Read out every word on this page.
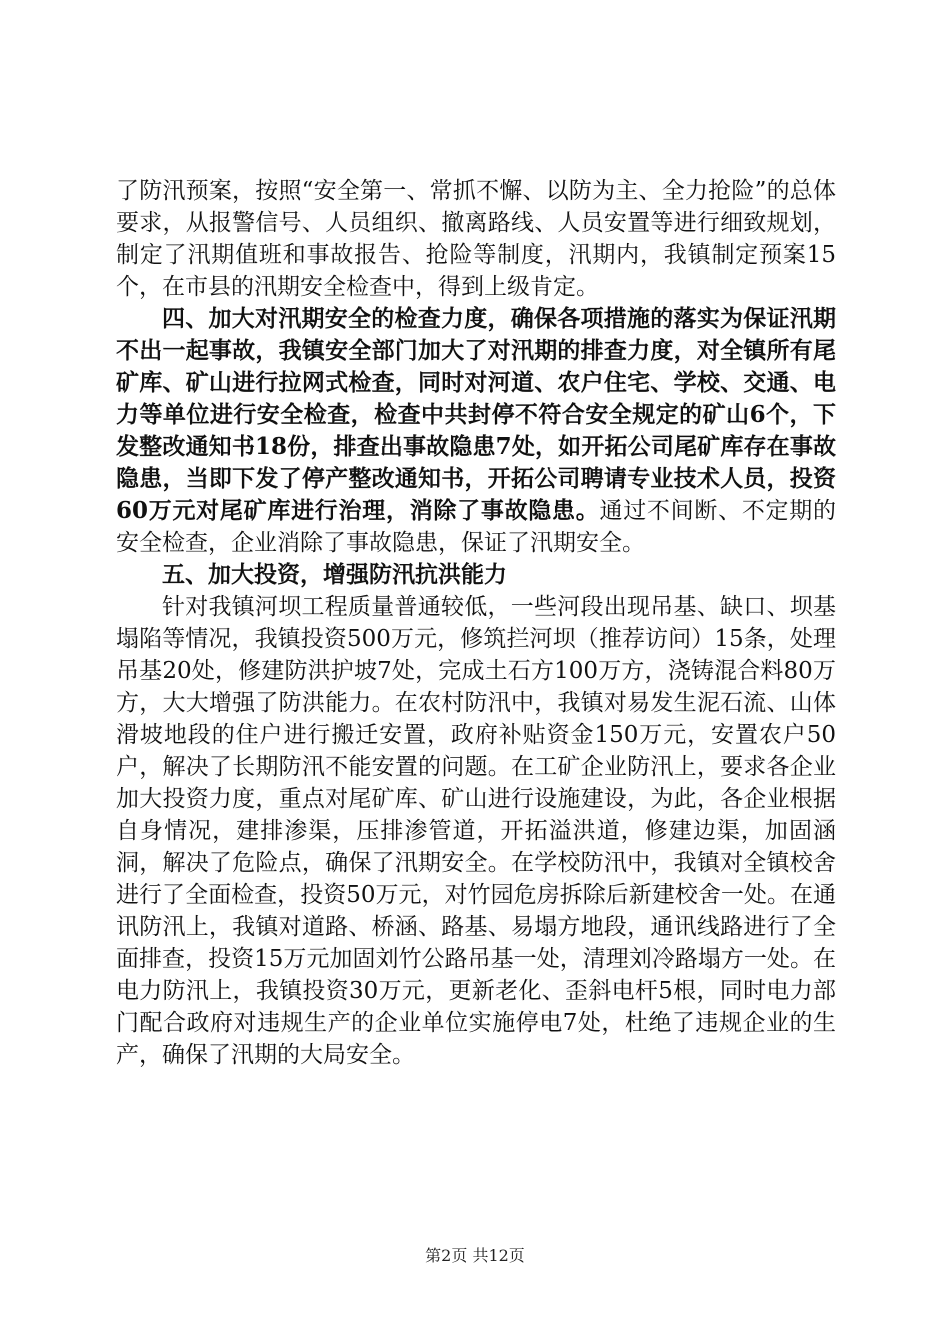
了防汛预案，按照“安全第一、常抓不懈、以防为主、全力抢险”的总体要求，从报警信号、人员组织、撤离路线、人员安置等进行细致规划，制定了汛期值班和事故报告、抢险等制度，汛期内，我镇制定预案15个，在市县的汛期安全检查中，得到上级肯定。

四、加大对汛期安全的检查力度，确保各项措施的落实为保证汛期不出一起事故，我镇安全部门加大了对汛期的排查力度，对全镇所有尾矿库、矿山进行拉网式检查，同时对河道、农户住宅、学校、交通、电力等单位进行安全检查，检查中共封停不符合安全规定的矿山6个，下发整改通知书18份，排查出事故隐患7处，如开拓公司尾矿库存在事故隐患，当即下发了停产整改通知书，开拓公司聘请专业技术人员，投资60万元对尾矿库进行治理，消除了事故隐患。通过不间断、不定期的安全检查，企业消除了事故隐患，保证了汛期安全。

五、加大投资，增强防汛抗洪能力

针对我镇河坝工程质量普通较低，一些河段出现吊基、缺口、坝基塌陷等情况，我镇投资500万元，修筑拦河坝（推荐访问）15条，处理吊基20处，修建防洪护坡7处，完成土石方100万方，浇铸混合料80万方，大大增强了防洪能力。在农村防汛中，我镇对易发生泥石流、山体滑坡地段的住户进行搬迁安置，政府补贴资金150万元，安置农户50户，解决了长期防汛不能安置的问题。在工矿企业防汛上，要求各企业加大投资力度，重点对尾矿库、矿山进行设施建设，为此，各企业根据自身情况，建排渗渠，压排渗管道，开拓溢洪道，修建边渠，加固涵洞，解决了危险点，确保了汛期安全。在学校防汛中，我镇对全镇校舍进行了全面检查，投资50万元，对竹园危房拆除后新建校舍一处。在通讯防汛上，我镇对道路、桥涵、路基、易塌方地段，通讯线路进行了全面排查，投资15万元加固刘竹公路吊基一处，清理刘冷路塌方一处。在电力防汛上，我镇投资30万元，更新老化、歪斜电杆5根，同时电力部门配合政府对违规生产的企业单位实施停电7处，杜绝了违规企业的生产，确保了汛期的大局安全。

第2页 共12页
